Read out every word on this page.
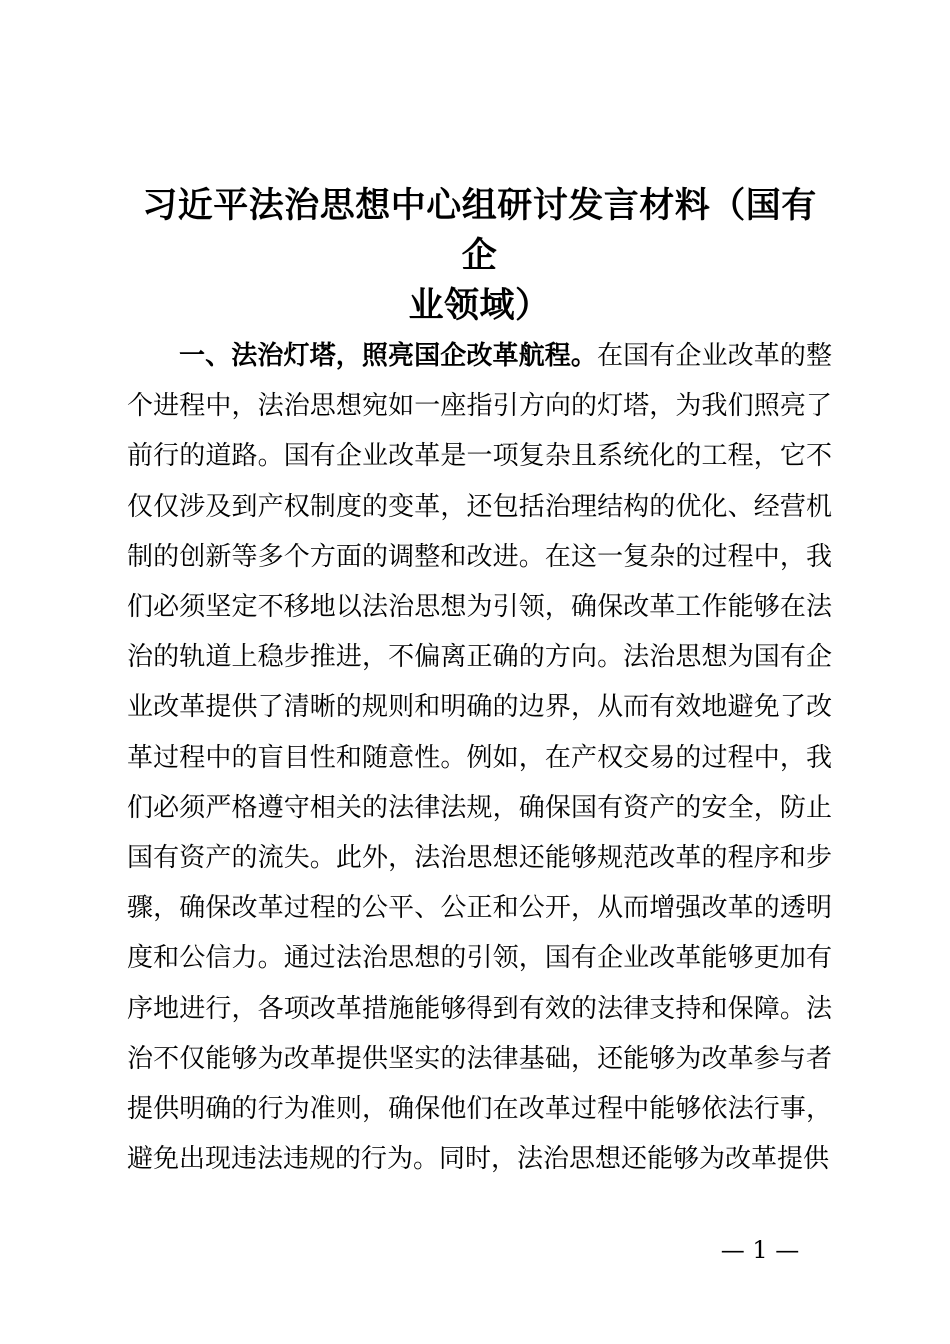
习近平法治思想中心组研讨发言材料（国有企
业领域）

一、法治灯塔，照亮国企改革航程。在国有企业改革的整个进程中，法治思想宛如一座指引方向的灯塔，为我们照亮了前行的道路。国有企业改革是一项复杂且系统化的工程，它不仅仅涉及到产权制度的变革，还包括治理结构的优化、经营机制的创新等多个方面的调整和改进。在这一复杂的过程中，我们必须坚定不移地以法治思想为引领，确保改革工作能够在法治的轨道上稳步推进，不偏离正确的方向。法治思想为国有企业改革提供了清晰的规则和明确的边界，从而有效地避免了改革过程中的盲目性和随意性。例如，在产权交易的过程中，我们必须严格遵守相关的法律法规，确保国有资产的安全，防止国有资产的流失。此外，法治思想还能够规范改革的程序和步骤，确保改革过程的公平、公正和公开，从而增强改革的透明度和公信力。通过法治思想的引领，国有企业改革能够更加有序地进行，各项改革措施能够得到有效的法律支持和保障。法治不仅能够为改革提供坚实的法律基础，还能够为改革参与者提供明确的行为准则，确保他们在改革过程中能够依法行事，避免出现违法违规的行为。同时，法治思想还能够为改革提供

— 1 —
